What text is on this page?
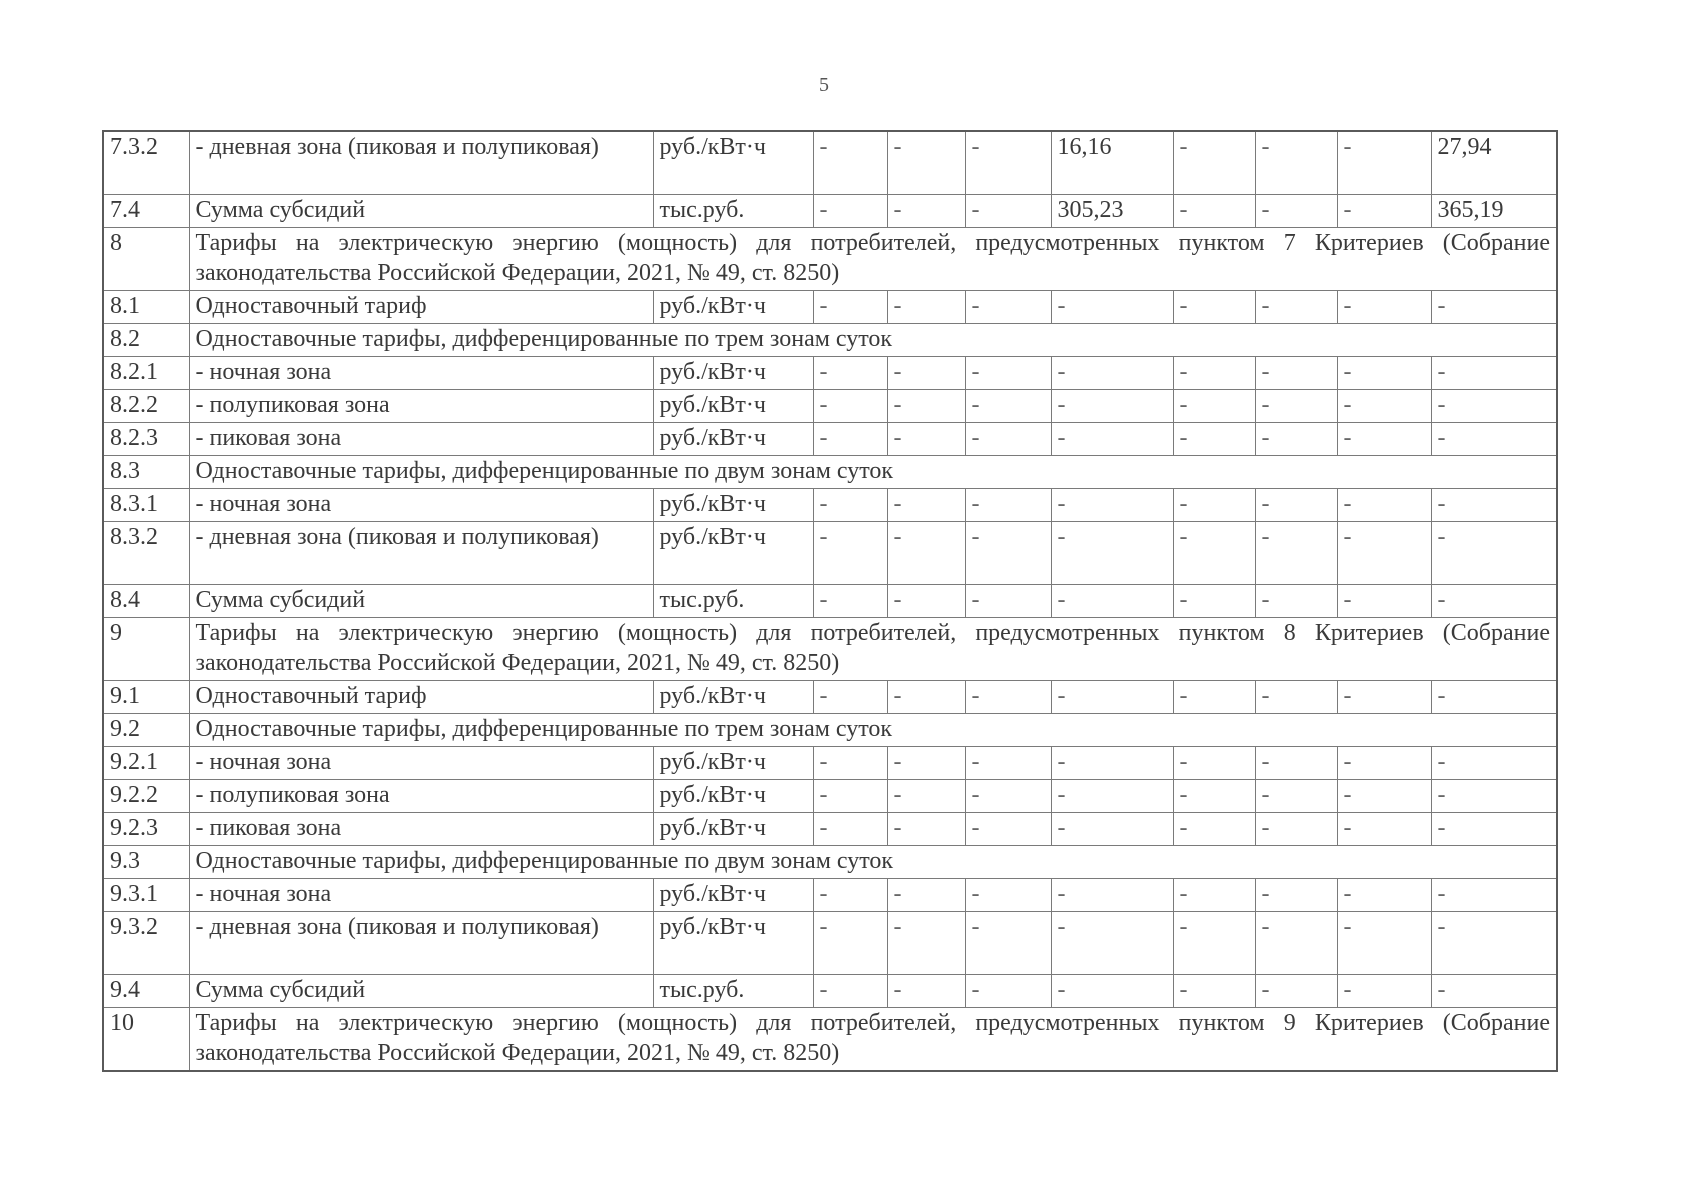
5
7.3.2	- дневная зона (пиковая и полупиковая)	руб./кВт·ч	-	-	-	16,16	-	-	-	27,94
7.4	Сумма субсидий	тыс.руб.	-	-	-	305,23	-	-	-	365,19
8	Тарифы на электрическую энергию (мощность) для потребителей, предусмотренных пунктом 7 Критериев (Собрание законодательства Российской Федерации, 2021, № 49, ст. 8250)									
8.1	Одноставочный тариф	руб./кВт·ч	-	-	-	-	-	-	-	-
8.2	Одноставочные тарифы, дифференцированные по трем зонам суток									
8.2.1	- ночная зона	руб./кВт·ч	-	-	-	-	-	-	-	-
8.2.2	- полупиковая зона	руб./кВт·ч	-	-	-	-	-	-	-	-
8.2.3	- пиковая зона	руб./кВт·ч	-	-	-	-	-	-	-	-
8.3	Одноставочные тарифы, дифференцированные по двум зонам суток									
8.3.1	- ночная зона	руб./кВт·ч	-	-	-	-	-	-	-	-
8.3.2	- дневная зона (пиковая и полупиковая)	руб./кВт·ч	-	-	-	-	-	-	-	-
8.4	Сумма субсидий	тыс.руб.	-	-	-	-	-	-	-	-
9	Тарифы на электрическую энергию (мощность) для потребителей, предусмотренных пунктом 8 Критериев (Собрание законодательства Российской Федерации, 2021, № 49, ст. 8250)									
9.1	Одноставочный тариф	руб./кВт·ч	-	-	-	-	-	-	-	-
9.2	Одноставочные тарифы, дифференцированные по трем зонам суток									
9.2.1	- ночная зона	руб./кВт·ч	-	-	-	-	-	-	-	-
9.2.2	- полупиковая зона	руб./кВт·ч	-	-	-	-	-	-	-	-
9.2.3	- пиковая зона	руб./кВт·ч	-	-	-	-	-	-	-	-
9.3	Одноставочные тарифы, дифференцированные по двум зонам суток									
9.3.1	- ночная зона	руб./кВт·ч	-	-	-	-	-	-	-	-
9.3.2	- дневная зона (пиковая и полупиковая)	руб./кВт·ч	-	-	-	-	-	-	-	-
9.4	Сумма субсидий	тыс.руб.	-	-	-	-	-	-	-	-
10	Тарифы на электрическую энергию (мощность) для потребителей, предусмотренных пунктом 9 Критериев (Собрание законодательства Российской Федерации, 2021, № 49, ст. 8250)									
